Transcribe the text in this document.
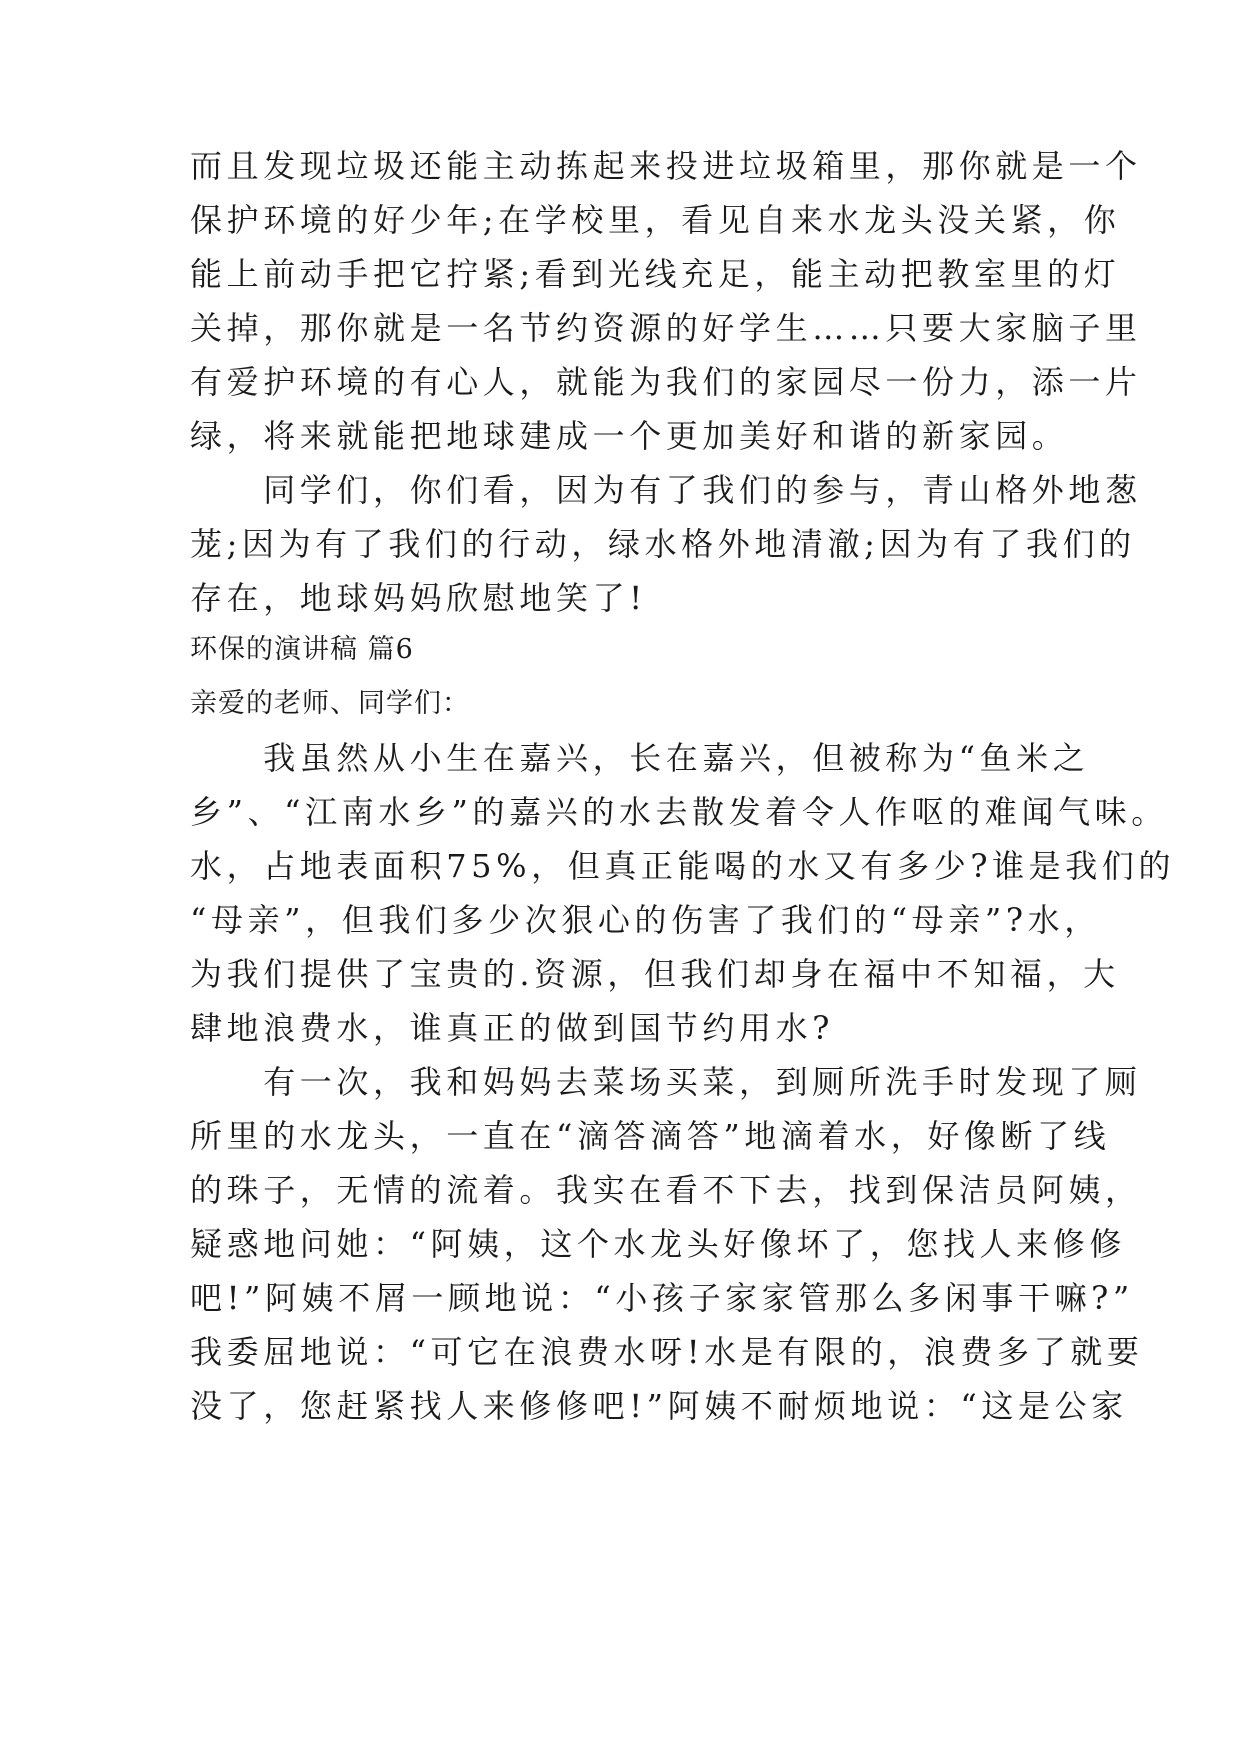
而且发现垃圾还能主动拣起来投进垃圾箱里，那你就是一个
保护环境的好少年;在学校里，看见自来水龙头没关紧，你
能上前动手把它拧紧;看到光线充足，能主动把教室里的灯
关掉，那你就是一名节约资源的好学生……只要大家脑子里
有爱护环境的有心人，就能为我们的家园尽一份力，添一片
绿，将来就能把地球建成一个更加美好和谐的新家园。
　　同学们，你们看，因为有了我们的参与，青山格外地葱
茏;因为有了我们的行动，绿水格外地清澈;因为有了我们的
存在，地球妈妈欣慰地笑了!
环保的演讲稿 篇6
亲爱的老师、同学们：
　　我虽然从小生在嘉兴，长在嘉兴，但被称为“鱼米之
乡”、“江南水乡”的嘉兴的水去散发着令人作呕的难闻气味。
水，占地表面积75%，但真正能喝的水又有多少?谁是我们的
“母亲”，但我们多少次狠心的伤害了我们的“母亲”?水，
为我们提供了宝贵的.资源，但我们却身在福中不知福，大
肆地浪费水，谁真正的做到国节约用水?
　　有一次，我和妈妈去菜场买菜，到厕所洗手时发现了厕
所里的水龙头，一直在“滴答滴答”地滴着水，好像断了线
的珠子，无情的流着。我实在看不下去，找到保洁员阿姨，
疑惑地问她：“阿姨，这个水龙头好像坏了，您找人来修修
吧!”阿姨不屑一顾地说：“小孩子家家管那么多闲事干嘛?”
我委屈地说：“可它在浪费水呀!水是有限的，浪费多了就要
没了，您赶紧找人来修修吧!”阿姨不耐烦地说：“这是公家
